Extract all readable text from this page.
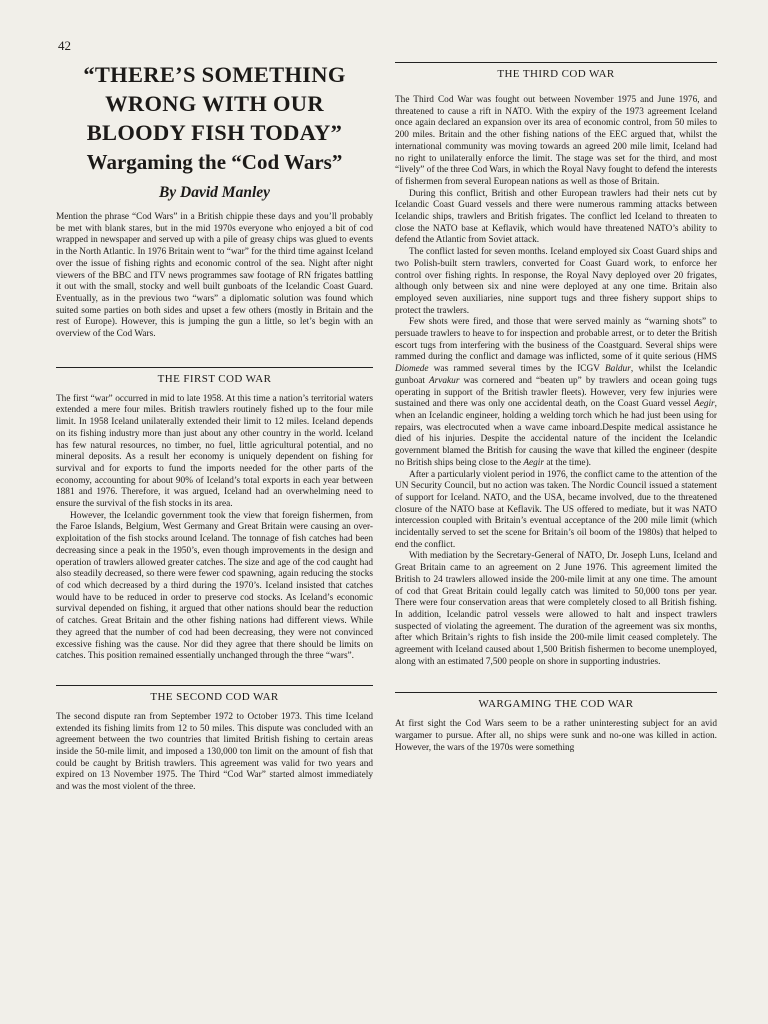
42
“THERE’S SOMETHING WRONG WITH OUR BLOODY FISH TODAY”
Wargaming the “Cod Wars”
By David Manley

Mention the phrase “Cod Wars” in a British chippie these days and you’ll probably be met with blank stares, but in the mid 1970s everyone who enjoyed a bit of cod wrapped in newspaper and served up with a pile of greasy chips was glued to events in the North Atlantic. In 1976 Britain went to “war” for the third time against Iceland over the issue of fishing rights and economic control of the sea. Night after night viewers of the BBC and ITV news programmes saw footage of RN frigates battling it out with the small, stocky and well built gunboats of the Icelandic Coast Guard. Eventually, as in the previous two “wars” a diplomatic solution was found which suited some parties on both sides and upset a few others (mostly in Britain and the rest of Europe). However, this is jumping the gun a little, so let’s begin with an overview of the Cod Wars.

THE FIRST COD WAR

The first “war” occurred in mid to late 1958. At this time a nation’s territorial waters extended a mere four miles. British trawlers routinely fished up to the four mile limit. In 1958 Iceland unilaterally extended their limit to 12 miles. Iceland depends on its fishing industry more than just about any other country in the world. Iceland has few natural resources, no timber, no fuel, little agricultural potential, and no mineral deposits. As a result her economy is uniquely dependent on fishing for survival and for exports to fund the imports needed for the other parts of the economy, accounting for about 90% of Iceland’s total exports in each year between 1881 and 1976. Therefore, it was argued, Iceland had an overwhelming need to ensure the survival of the fish stocks in its area.

However, the Icelandic government took the view that foreign fishermen, from the Faroe Islands, Belgium, West Germany and Great Britain were causing an over-exploitation of the fish stocks around Iceland. The tonnage of fish catches had been decreasing since a peak in the 1950’s, even though improvements in the design and operation of trawlers allowed greater catches. The size and age of the cod caught had also steadily decreased, so there were fewer cod spawning, again reducing the stocks of cod which decreased by a third during the 1970’s. Iceland insisted that catches would have to be reduced in order to preserve cod stocks. As Iceland’s economic survival depended on fishing, it argued that other nations should bear the reduction of catches. Great Britain and the other fishing nations had different views. While they agreed that the number of cod had been decreasing, they were not convinced excessive fishing was the cause. Nor did they agree that there should be limits on catches. This position remained essentially unchanged through the three “wars”.

THE SECOND COD WAR

The second dispute ran from September 1972 to October 1973. This time Iceland extended its fishing limits from 12 to 50 miles. This dispute was concluded with an agreement between the two countries that limited British fishing to certain areas inside the 50-mile limit, and imposed a 130,000 ton limit on the amount of fish that could be caught by British trawlers. This agreement was valid for two years and expired on 13 November 1975. The Third “Cod War” started almost immediately and was the most violent of the three.

THE THIRD COD WAR

The Third Cod War was fought out between November 1975 and June 1976, and threatened to cause a rift in NATO. With the expiry of the 1973 agreement Iceland once again declared an expansion over its area of economic control, from 50 miles to 200 miles. Britain and the other fishing nations of the EEC argued that, whilst the international community was moving towards an agreed 200 mile limit, Iceland had no right to unilaterally enforce the limit. The stage was set for the third, and most “lively” of the three Cod Wars, in which the Royal Navy fought to defend the interests of fishermen from several European nations as well as those of Britain.

During this conflict, British and other European trawlers had their nets cut by Icelandic Coast Guard vessels and there were numerous ramming attacks between Icelandic ships, trawlers and British frigates. The conflict led Iceland to threaten to close the NATO base at Keflavik, which would have threatened NATO’s ability to defend the Atlantic from Soviet attack.

The conflict lasted for seven months. Iceland employed six Coast Guard ships and two Polish-built stern trawlers, converted for Coast Guard work, to enforce her control over fishing rights. In response, the Royal Navy deployed over 20 frigates, although only between six and nine were deployed at any one time. Britain also employed seven auxiliaries, nine support tugs and three fishery support ships to protect the trawlers.

Few shots were fired, and those that were served mainly as “warning shots” to persuade trawlers to heave to for inspection and probable arrest, or to deter the British escort tugs from interfering with the business of the Coastguard. Several ships were rammed during the conflict and damage was inflicted, some of it quite serious (HMS Diomede was rammed several times by the ICGV Baldur, whilst the Icelandic gunboat Arvakur was cornered and “beaten up” by trawlers and ocean going tugs operating in support of the British trawler fleets). However, very few injuries were sustained and there was only one accidental death, on the Coast Guard vessel Aegir, when an Icelandic engineer, holding a welding torch which he had just been using for repairs, was electrocuted when a wave came inboard.Despite medical assistance he died of his injuries. Despite the accidental nature of the incident the Icelandic government blamed the British for causing the wave that killed the engineer (despite no British ships being close to the Aegir at the time).

After a particularly violent period in 1976, the conflict came to the attention of the UN Security Council, but no action was taken. The Nordic Council issued a statement of support for Iceland. NATO, and the USA, became involved, due to the threatened closure of the NATO base at Keflavik. The US offered to mediate, but it was NATO intercession coupled with Britain’s eventual acceptance of the 200 mile limit (which incidentally served to set the scene for Britain’s oil boom of the 1980s) that helped to end the conflict.

With mediation by the Secretary-General of NATO, Dr. Joseph Luns, Iceland and Great Britain came to an agreement on 2 June 1976. This agreement limited the British to 24 trawlers allowed inside the 200-mile limit at any one time. The amount of cod that Great Britain could legally catch was limited to 50,000 tons per year. There were four conservation areas that were completely closed to all British fishing. In addition, Icelandic patrol vessels were allowed to halt and inspect trawlers suspected of violating the agreement. The duration of the agreement was six months, after which Britain’s rights to fish inside the 200-mile limit ceased completely. The agreement with Iceland caused about 1,500 British fishermen to become unemployed, along with an estimated 7,500 people on shore in supporting industries.

WARGAMING THE COD WAR

At first sight the Cod Wars seem to be a rather uninteresting subject for an avid wargamer to pursue. After all, no ships were sunk and no-one was killed in action. However, the wars of the 1970s were something
